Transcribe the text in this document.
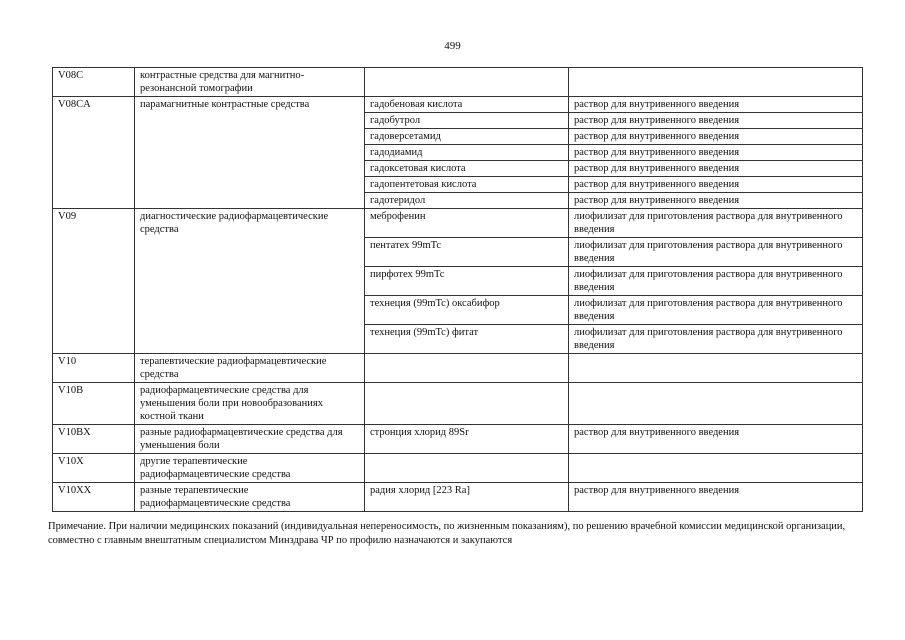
499
V08C	контрастные средства для магнитно-резонансной томографии		
V08CA	парамагнитные контрастные средства	гадобеновая кислота	раствор для внутривенного введения
		гадобутрол	раствор для внутривенного введения
		гадоверсетамид	раствор для внутривенного введения
		гадодиамид	раствор для внутривенного введения
		гадоксетовая кислота	раствор для внутривенного введения
		гадопентетовая кислота	раствор для внутривенного введения
		гадотеридол	раствор для внутривенного введения
V09	диагностические радиофармацевтические средства	меброфенин	лиофилизат для приготовления раствора для внутривенного введения
		пентатех 99mTc	лиофилизат для приготовления раствора для внутривенного введения
		пирфотех 99mTc	лиофилизат для приготовления раствора для внутривенного введения
		технеция (99mTc) оксабифор	лиофилизат для приготовления раствора для внутривенного введения
		технеция (99mTc) фитат	лиофилизат для приготовления раствора для внутривенного введения
V10	терапевтические радиофармацевтические средства		
V10B	радиофармацевтические средства для уменьшения боли при новообразованиях костной ткани		
V10BX	разные радиофармацевтические средства для уменьшения боли	стронция хлорид 89Sr	раствор для внутривенного введения
V10X	другие терапевтические радиофармацевтические средства		
V10XX	разные терапевтические радиофармацевтические средства	радия хлорид [223 Ra]	раствор для внутривенного введения
Примечание. При наличии медицинских показаний (индивидуальная непереносимость, по жизненным показаниям), по решению врачебной комиссии медицинской организации, совместно с главным внештатным специалистом Минздрава ЧР по профилю назначаются и закупаются
